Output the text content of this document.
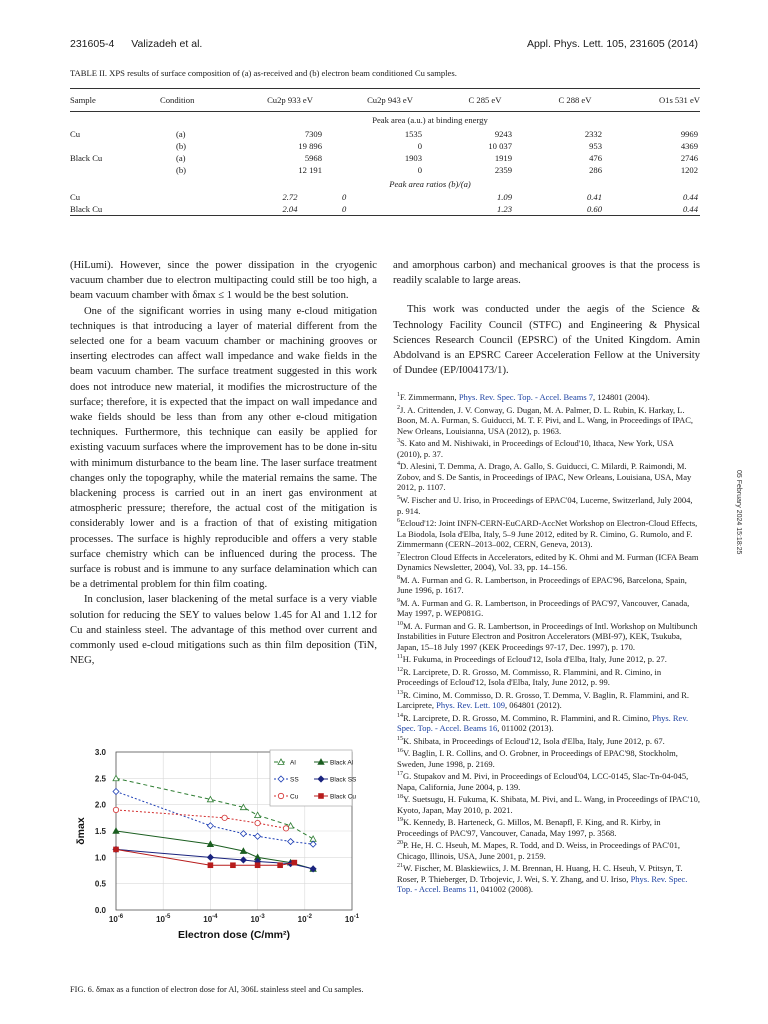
231605-4 Valizadeh et al.	Appl. Phys. Lett. 105, 231605 (2014)
TABLE II. XPS results of surface composition of (a) as-received and (b) electron beam conditioned Cu samples.
Sample	Condition	Cu2p 933 eV	Cu2p 943 eV	C 285 eV	C 288 eV	O1s 531 eV
		Peak area (a.u.) at binding energy				
Cu	(a)	7309	1535	9243	2332	9969
	(b)	19 896	0	10 037	953	4369
Black Cu	(a)	5968	1903	1919	476	2746
	(b)	12 191	0	2359	286	1202
		Peak area ratios (b)/(a)				
Cu		2.72	0	1.09	0.41	0.44
Black Cu		2.04	0	1.23	0.60	0.44

(HiLumi). However, since the power dissipation in the cryogenic vacuum chamber due to electron multipacting could still be too high, a beam vacuum chamber with δmax ≤ 1 would be the best solution.

One of the significant worries in using many e-cloud mitigation techniques is that introducing a layer of material different from the selected one for a beam vacuum chamber or machining grooves or inserting electrodes can affect wall impedance and wake fields in the beam vacuum chamber. The surface treatment suggested in this work does not introduce new material, it modifies the microstructure of the surface; therefore, it is expected that the impact on wall impedance and wake fields should be less than from any other e-cloud mitigation techniques. Furthermore, this technique can easily be applied for existing vacuum surfaces where the improvement has to be done in-situ with minimum disturbance to the beam line. The laser surface treatment changes only the topography, while the material remains the same. The blackening process is carried out in an inert gas environment at atmospheric pressure; therefore, the actual cost of the mitigation is considerably lower and is a fraction of that of existing mitigation processes. The surface is highly reproducible and offers a very stable surface chemistry which can be influenced during the process. The surface is robust and is immune to any surface delamination which can be a detrimental problem for thin film coating.

In conclusion, laser blackening of the metal surface is a very viable solution for reducing the SEY to values below 1.45 for Al and 1.12 for Cu and stainless steel. The advantage of this method over current and commonly used e-cloud mitigations such as thin film deposition (TiN, NEG,

and amorphous carbon) and mechanical grooves is that the process is readily scalable to large areas.

This work was conducted under the aegis of the Science & Technology Facility Council (STFC) and Engineering & Physical Sciences Research Council (EPSRC) of the United Kingdom. Amin Abdolvand is an EPSRC Career Acceleration Fellow at the University of Dundee (EP/I004173/1).

$^1$F. Zimmermann, Phys. Rev. Spec. Top. - Accel. Beams 7, 124801 (2004).
$^2$J. A. Crittenden, J. V. Conway, G. Dugan, M. A. Palmer, D. L. Rubin, K. Harkay, L. Boon, M. A. Furman, S. Guiducci, M. T. F. Pivi, and L. Wang, in Proceedings of IPAC, New Orleans, Louisianna, USA (2012), p. 1963.
$^3$S. Kato and M. Nishiwaki, in Proceedings of Ecloud'10, Ithaca, New York, USA (2010), p. 37.
$^4$D. Alesini, T. Demma, A. Drago, A. Gallo, S. Guiducci, C. Milardi, P. Raimondi, M. Zobov, and S. De Santis, in Proceedings of IPAC, New Orleans, Louisiana, USA, May 2012, p. 1107.
$^5$W. Fischer and U. Iriso, in Proceedings of EPAC'04, Lucerne, Switzerland, July 2004, p. 914.
$^6$Ecloud'12: Joint INFN-CERN-EuCARD-AccNet Workshop on Electron-Cloud Effects, La Biodola, Isola d'Elba, Italy, 5–9 June 2012, edited by R. Cimino, G. Rumolo, and F. Zimmermann (CERN–2013–002, CERN, Geneva, 2013).
$^7$Electron Cloud Effects in Accelerators, edited by K. Ohmi and M. Furman (ICFA Beam Dynamics Newsletter, 2004), Vol. 33, pp. 14–156.
$^8$M. A. Furman and G. R. Lambertson, in Proceedings of EPAC'96, Barcelona, Spain, June 1996, p. 1617.
$^9$M. A. Furman and G. R. Lambertson, in Proceedings of PAC'97, Vancouver, Canada, May 1997, p. WEP081G.
$^{10}$M. A. Furman and G. R. Lambertson, in Proceedings of Intl. Workshop on Multibunch Instabilities in Future Electron and Positron Accelerators (MBI-97), KEK, Tsukuba, Japan, 15–18 July 1997 (KEK Proceedings 97-17, Dec. 1997), p. 170.
$^{11}$H. Fukuma, in Proceedings of Ecloud'12, Isola d'Elba, Italy, June 2012, p. 27.
$^{12}$R. Larciprete, D. R. Grosso, M. Commisso, R. Flammini, and R. Cimino, in Proceedings of Ecloud'12, Isola d'Elba, Italy, June 2012, p. 99.
$^{13}$R. Cimino, M. Commisso, D. R. Grosso, T. Demma, V. Baglin, R. Flammini, and R. Larciprete, Phys. Rev. Lett. 109, 064801 (2012).
$^{14}$R. Larciprete, D. R. Grosso, M. Commino, R. Flammini, and R. Cimino, Phys. Rev. Spec. Top. - Accel. Beams 16, 011002 (2013).
$^{15}$K. Shibata, in Proceedings of Ecloud'12, Isola d'Elba, Italy, June 2012, p. 67.
$^{16}$V. Baglin, I. R. Collins, and O. Grobner, in Proceedings of EPAC'98, Stockholm, Sweden, June 1998, p. 2169.
$^{17}$G. Stupakov and M. Pivi, in Proceedings of Ecloud'04, LCC-0145, Slac-Tn-04-045, Napa, California, June 2004, p. 139.
$^{18}$Y. Suetsugu, H. Fukuma, K. Shibata, M. Pivi, and L. Wang, in Proceedings of IPAC'10, Kyoto, Japan, May 2010, p. 2021.
$^{19}$K. Kennedy, B. Harteneck, G. Millos, M. Benapfl, F. King, and R. Kirby, in Proceedings of PAC'97, Vancouver, Canada, May 1997, p. 3568.
$^{20}$P. He, H. C. Hseuh, M. Mapes, R. Todd, and D. Weiss, in Proceedings of PAC'01, Chicago, Illinois, USA, June 2001, p. 2159.
$^{21}$W. Fischer, M. Blaskiewiics, J. M. Brennan, H. Huang, H. C. Hseuh, V. Ptitsyn, T. Roser, P. Thieberger, D. Trbojevic, J. Wei, S. Y. Zhang, and U. Iriso, Phys. Rev. Spec. Top. - Accel. Beams 11, 041002 (2008).
05 February 2024 15:18:25
0.0
0.5
1.0
1.5
2.0
2.5
3.0
$10^{-6}$	$10^{-5}$	$10^{-4}$	$10^{-3}$	$10^{-2}$	$10^{-1}$
Electron dose (C/mm²)
δmax
Al	Black Al
SS	Black SS
Cu	Black Cu
FIG. 6. δmax as a function of electron dose for Al, 306L stainless steel and Cu samples.
